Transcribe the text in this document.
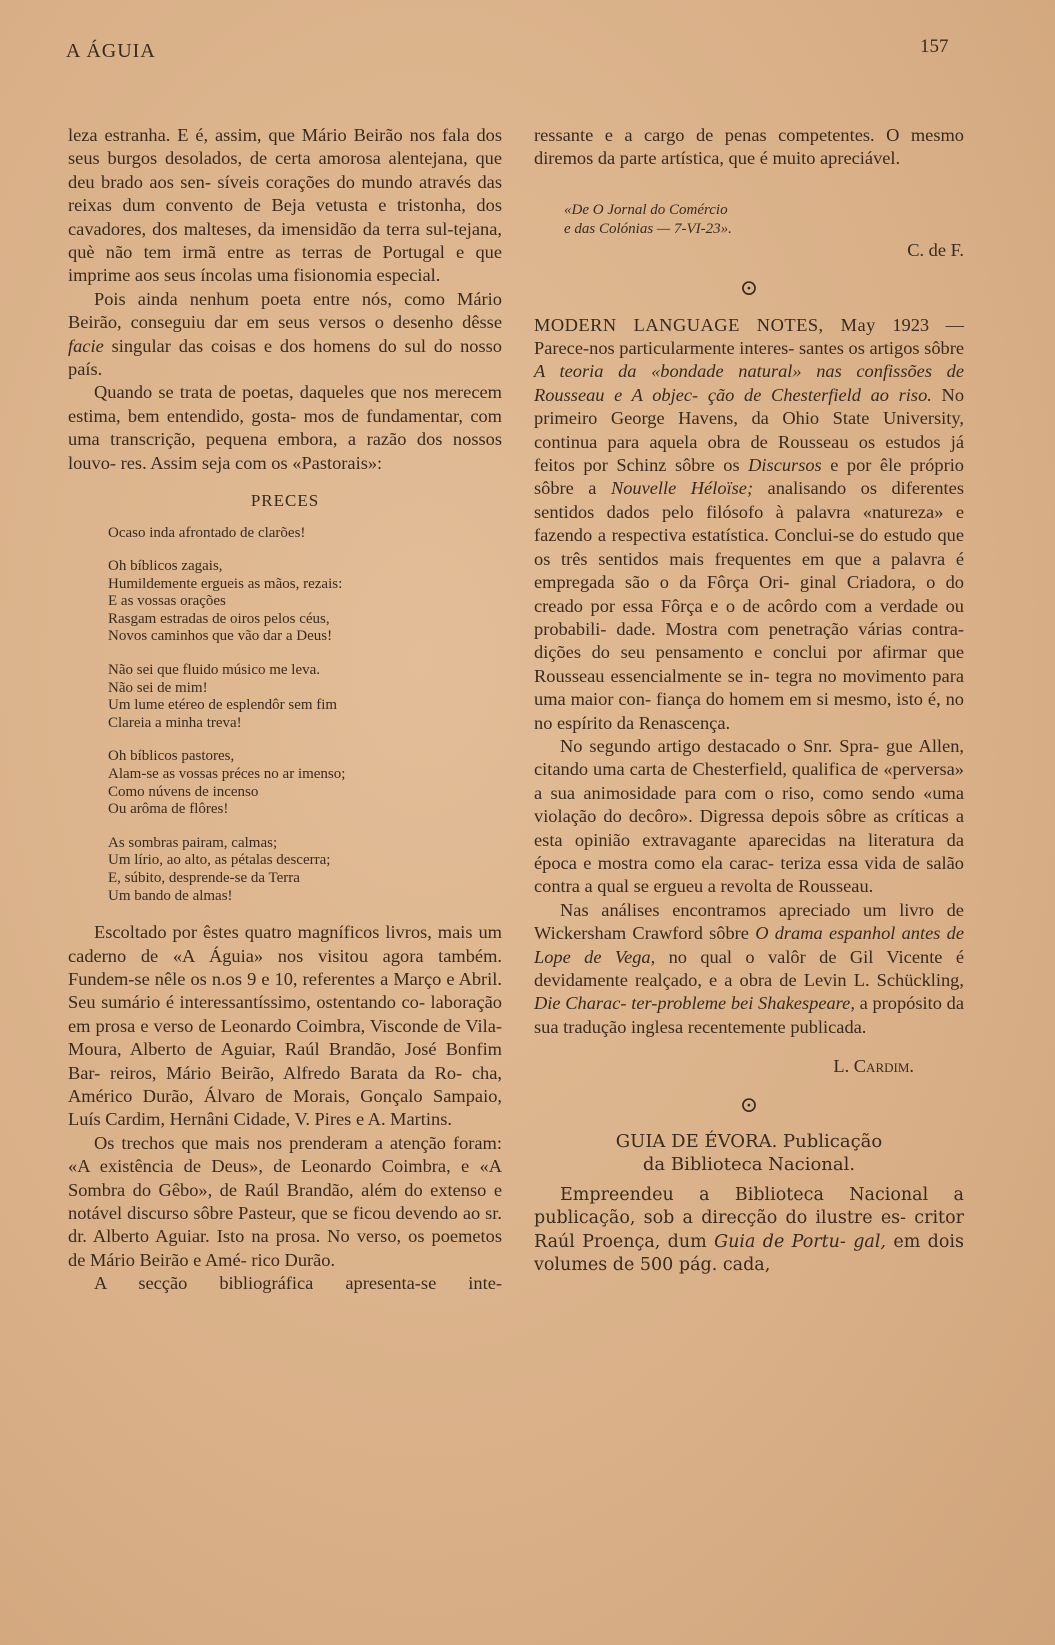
A ÁGUIA	157

leza estranha. E é, assim, que Mário Beirão nos fala dos seus burgos desolados, de certa amorosa alentejana, que deu brado aos sen- síveis corações do mundo através das reixas dum convento de Beja vetusta e tristonha, dos cavadores, dos malteses, da imensidão da terra sul-tejana, què não tem irmã entre as terras de Portugal e que imprime aos seus íncolas uma fisionomia especial.

Pois ainda nenhum poeta entre nós, como Mário Beirão, conseguiu dar em seus versos o desenho dêsse facie singular das coisas e dos homens do sul do nosso país.

Quando se trata de poetas, daqueles que nos merecem estima, bem entendido, gosta- mos de fundamentar, com uma transcrição, pequena embora, a razão dos nossos louvo- res. Assim seja com os «Pastorais»:

PRECES
Ocaso inda afrontado de clarões!
Oh bíblicos zagais,
Humildemente ergueis as mãos, rezais:
E as vossas orações
Rasgam estradas de oiros pelos céus,
Novos caminhos que vão dar a Deus!
Não sei que fluido músico me leva.
Não sei de mim!
Um lume etéreo de esplendôr sem fim
Clareia a minha treva!
Oh bíblicos pastores,
Alam-se as vossas préces no ar imenso;
Como núvens de incenso
Ou arôma de flôres!
As sombras pairam, calmas;
Um lírio, ao alto, as pétalas descerra;
E, súbito, desprende-se da Terra
Um bando de almas!

Escoltado por êstes quatro magníficos livros, mais um caderno de «A Águia» nos visitou agora também. Fundem-se nêle os n.os 9 e 10, referentes a Março e Abril. Seu sumário é interessantíssimo, ostentando co- laboração em prosa e verso de Leonardo Coimbra, Visconde de Vila-Moura, Alberto de Aguiar, Raúl Brandão, José Bonfim Bar- reiros, Mário Beirão, Alfredo Barata da Ro- cha, Américo Durão, Álvaro de Morais, Gonçalo Sampaio, Luís Cardim, Hernâni Cidade, V. Pires e A. Martins.

Os trechos que mais nos prenderam a atenção foram: «A existência de Deus», de Leonardo Coimbra, e «A Sombra do Gêbo», de Raúl Brandão, além do extenso e notável discurso sôbre Pasteur, que se ficou devendo ao sr. dr. Alberto Aguiar. Isto na prosa. No verso, os poemetos de Mário Beirão e Amé- rico Durão.

A secção bibliográfica apresenta-se inte-

ressante e a cargo de penas competentes. O mesmo diremos da parte artística, que é muito apreciável.

«De O Jornal do Comércio
e das Colónias — 7-VI-23».
C. de F.
⊙

MODERN LANGUAGE NOTES, May 1923 — Parece-nos particularmente interes- santes os artigos sôbre A teoria da «bondade natural» nas confissões de Rousseau e A objec- ção de Chesterfield ao riso. No primeiro George Havens, da Ohio State University, continua para aquela obra de Rousseau os estudos já feitos por Schinz sôbre os Discursos e por êle próprio sôbre a Nouvelle Héloïse; analisando os diferentes sentidos dados pelo filósofo à palavra «natureza» e fazendo a respectiva estatística. Conclui-se do estudo que os três sentidos mais frequentes em que a palavra é empregada são o da Fôrça Ori- ginal Criadora, o do creado por essa Fôrça e o de acôrdo com a verdade ou probabili- dade. Mostra com penetração várias contra- dições do seu pensamento e conclui por afirmar que Rousseau essencialmente se in- tegra no movimento para uma maior con- fiança do homem em si mesmo, isto é, no no espírito da Renascença.

No segundo artigo destacado o Snr. Spra- gue Allen, citando uma carta de Chesterfield, qualifica de «perversa» a sua animosidade para com o riso, como sendo «uma violação do decôro». Digressa depois sôbre as críticas a esta opinião extravagante aparecidas na literatura da época e mostra como ela carac- teriza essa vida de salão contra a qual se ergueu a revolta de Rousseau.

Nas análises encontramos apreciado um livro de Wickersham Crawford sôbre O drama espanhol antes de Lope de Vega, no qual o valôr de Gil Vicente é devidamente realçado, e a obra de Levin L. Schückling, Die Charac- ter-probleme bei Shakespeare, a propósito da sua tradução inglesa recentemente publicada.

L. Cardim.
⊙
GUIA DE ÉVORA. Publicação
da Biblioteca Nacional.

Empreendeu a Biblioteca Nacional a publicação, sob a direcção do ilustre es- critor Raúl Proença, dum Guia de Portu- gal, em dois volumes de 500 pág. cada,
